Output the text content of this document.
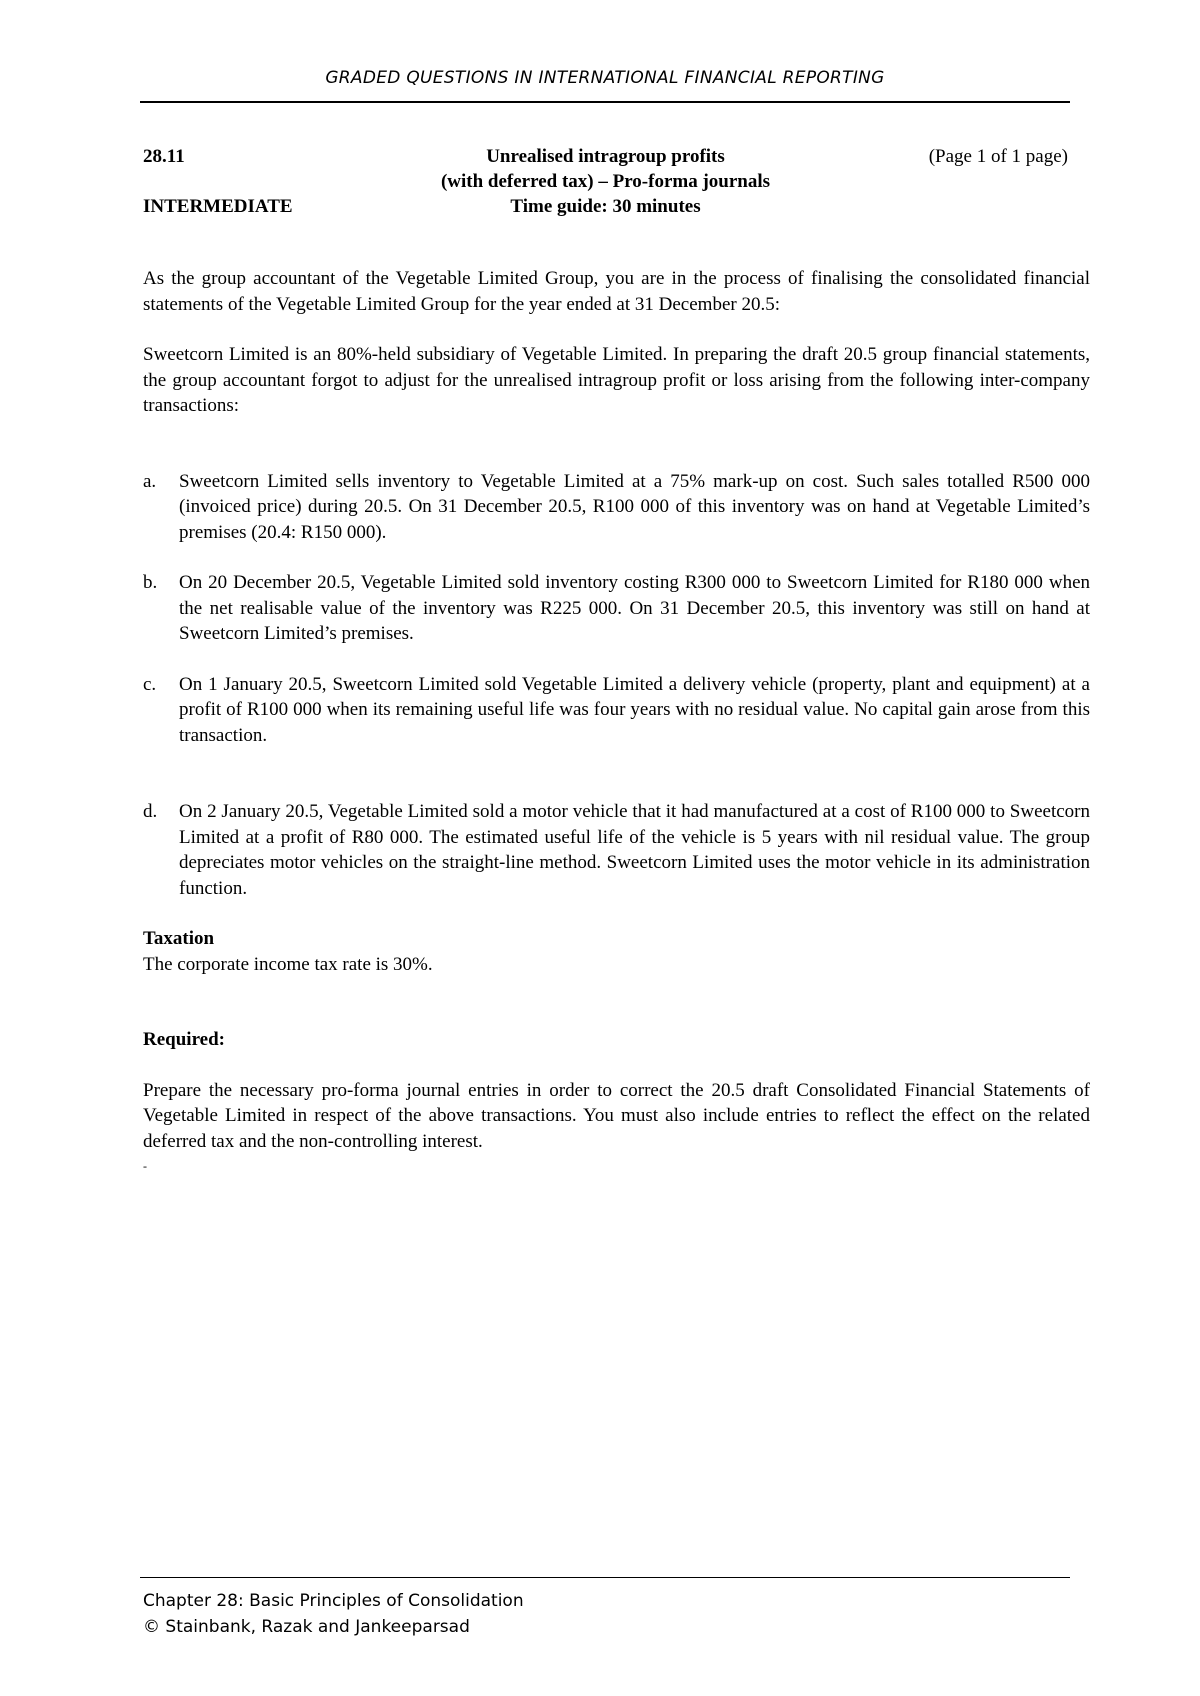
GRADED QUESTIONS IN INTERNATIONAL FINANCIAL REPORTING
28.11	Unrealised intragroup profits	(Page 1 of 1 page)
(with deferred tax) – Pro-forma journals
INTERMEDIATE	Time guide: 30 minutes

As the group accountant of the Vegetable Limited Group, you are in the process of finalising the consolidated financial statements of the Vegetable Limited Group for the year ended at 31 December 20.5:

Sweetcorn Limited is an 80%-held subsidiary of Vegetable Limited. In preparing the draft 20.5 group financial statements, the group accountant forgot to adjust for the unrealised intragroup profit or loss arising from the following inter-company transactions:

a. Sweetcorn Limited sells inventory to Vegetable Limited at a 75% mark-up on cost. Such sales totalled R500 000 (invoiced price) during 20.5. On 31 December 20.5, R100 000 of this inventory was on hand at Vegetable Limited’s premises (20.4: R150 000).
b. On 20 December 20.5, Vegetable Limited sold inventory costing R300 000 to Sweetcorn Limited for R180 000 when the net realisable value of the inventory was R225 000. On 31 December 20.5, this inventory was still on hand at Sweetcorn Limited’s premises.
c. On 1 January 20.5, Sweetcorn Limited sold Vegetable Limited a delivery vehicle (property, plant and equipment) at a profit of R100 000 when its remaining useful life was four years with no residual value. No capital gain arose from this transaction.
d. On 2 January 20.5, Vegetable Limited sold a motor vehicle that it had manufactured at a cost of R100 000 to Sweetcorn Limited at a profit of R80 000. The estimated useful life of the vehicle is 5 years with nil residual value. The group depreciates motor vehicles on the straight-line method. Sweetcorn Limited uses the motor vehicle in its administration function.

Taxation

The corporate income tax rate is 30%.

Required:

Prepare the necessary pro-forma journal entries in order to correct the 20.5 draft Consolidated Financial Statements of Vegetable Limited in respect of the above transactions. You must also include entries to reflect the effect on the related deferred tax and the non-controlling interest.

-

Chapter 28: Basic Principles of Consolidation
© Stainbank, Razak and Jankeeparsad
